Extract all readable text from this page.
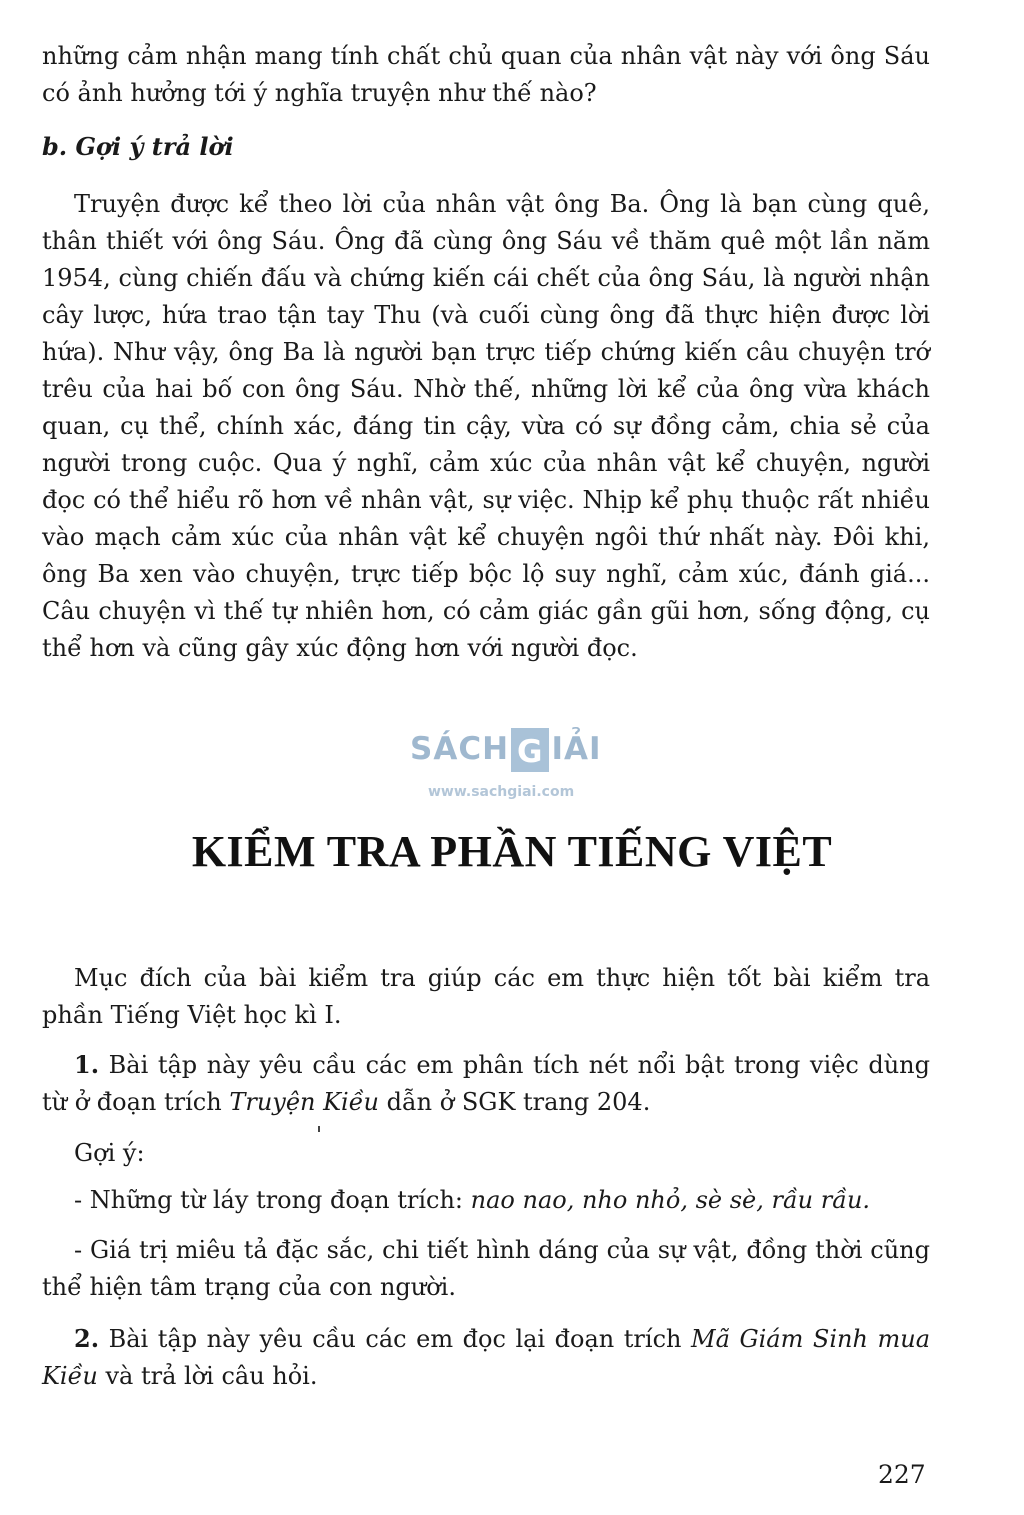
những cảm nhận mang tính chất chủ quan của nhân vật này với ông Sáu có ảnh hưởng tới ý nghĩa truyện như thế nào?

b. Gợi ý trả lời

Truyện được kể theo lời của nhân vật ông Ba. Ông là bạn cùng quê, thân thiết với ông Sáu. Ông đã cùng ông Sáu về thăm quê một lần năm 1954, cùng chiến đấu và chứng kiến cái chết của ông Sáu, là người nhận cây lược, hứa trao tận tay Thu (và cuối cùng ông đã thực hiện được lời hứa). Như vậy, ông Ba là người bạn trực tiếp chứng kiến câu chuyện trớ trêu của hai bố con ông Sáu. Nhờ thế, những lời kể của ông vừa khách quan, cụ thể, chính xác, đáng tin cậy, vừa có sự đồng cảm, chia sẻ của người trong cuộc. Qua ý nghĩ, cảm xúc của nhân vật kể chuyện, người đọc có thể hiểu rõ hơn về nhân vật, sự việc. Nhịp kể phụ thuộc rất nhiều vào mạch cảm xúc của nhân vật kể chuyện ngôi thứ nhất này. Đôi khi, ông Ba xen vào chuyện, trực tiếp bộc lộ suy nghĩ, cảm xúc, đánh giá... Câu chuyện vì thế tự nhiên hơn, có cảm giác gần gũi hơn, sống động, cụ thể hơn và cũng gây xúc động hơn với người đọc.

SÁCH G IẢI
www.sachgiai.com
KIỂM TRA PHẦN TIẾNG VIỆT

Mục đích của bài kiểm tra giúp các em thực hiện tốt bài kiểm tra phần Tiếng Việt học kì I.

1. Bài tập này yêu cầu các em phân tích nét nổi bật trong việc dùng từ ở đoạn trích Truyện Kiều dẫn ở SGK trang 204.

Gợi ý:

- Những từ láy trong đoạn trích: nao nao, nho nhỏ, sè sè, rầu rầu.

- Giá trị miêu tả đặc sắc, chi tiết hình dáng của sự vật, đồng thời cũng thể hiện tâm trạng của con người.

2. Bài tập này yêu cầu các em đọc lại đoạn trích Mã Giám Sinh mua Kiều và trả lời câu hỏi.

227
